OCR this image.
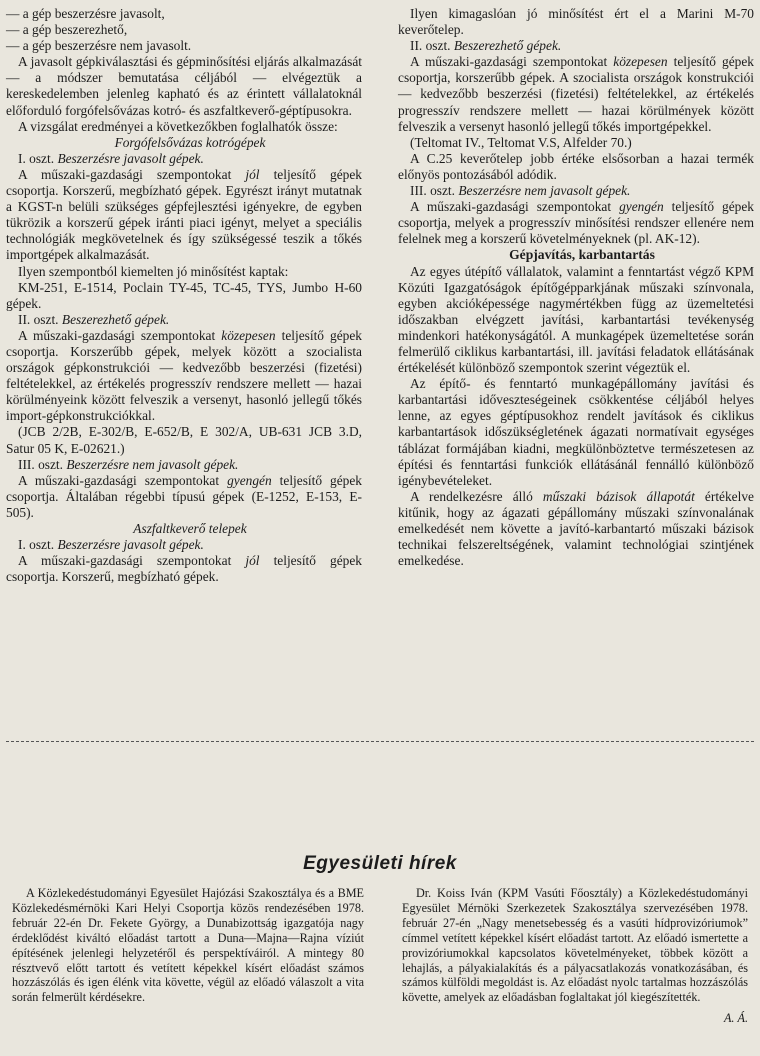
— a gép beszerzésre javasolt,

— a gép beszerezhető,

— a gép beszerzésre nem javasolt.

A javasolt gépkiválasztási és gépminősítési eljárás alkalmazását — a módszer bemutatása céljából — elvégeztük a kereskedelemben jelenleg kapható és az érintett vállalatoknál előforduló forgófelsővázas kotró- és aszfaltkeverő-géptípusokra.

A vizsgálat eredményei a következőkben foglalhatók össze:

Forgófelsővázas kotrógépek

I. oszt. Beszerzésre javasolt gépek.

A műszaki-gazdasági szempontokat jól teljesítő gépek csoportja. Korszerű, megbízható gépek. Egyrészt irányt mutatnak a KGST-n belüli szükséges gépfejlesztési igényekre, de egyben tükrözik a korszerű gépek iránti piaci igényt, melyet a speciális technológiák megkövetelnek és így szükségessé teszik a tőkés importgépek alkalmazását.

Ilyen szempontból kiemelten jó minősítést kaptak:

KM-251, E-1514, Poclain TY-45, TC-45, TYS, Jumbo H-60 gépek.

II. oszt. Beszerezhető gépek.

A műszaki-gazdasági szempontokat közepesen teljesítő gépek csoportja. Korszerűbb gépek, melyek között a szocialista országok gépkonstrukciói — kedvezőbb beszerzési (fizetési) feltételekkel, az értékelés progresszív rendszere mellett — hazai körülményeink között felveszik a versenyt, hasonló jellegű tőkés import-gépkonstrukciókkal.

(JCB 2/2B, E-302/B, E-652/B, E 302/A, UB-631 JCB 3.D, Satur 05 K, E-02621.)

III. oszt. Beszerzésre nem javasolt gépek.

A műszaki-gazdasági szempontokat gyengén teljesítő gépek csoportja. Általában régebbi típusú gépek (E-1252, E-153, E-505).

Aszfaltkeverő telepek

I. oszt. Beszerzésre javasolt gépek.

A műszaki-gazdasági szempontokat jól teljesítő gépek csoportja. Korszerű, megbízható gépek.

Ilyen kimagaslóan jó minősítést ért el a Marini M-70 keverőtelep.

II. oszt. Beszerezhető gépek.

A műszaki-gazdasági szempontokat közepesen teljesítő gépek csoportja, korszerűbb gépek. A szocialista országok konstrukciói — kedvezőbb beszerzési (fizetési) feltételekkel, az értékelés progresszív rendszere mellett — hazai körülmények között felveszik a versenyt hasonló jellegű tőkés importgépekkel.

(Teltomat IV., Teltomat V.S, Alfelder 70.)

A C.25 keverőtelep jobb értéke elsősorban a hazai termék előnyös pontozásából adódik.

III. oszt. Beszerzésre nem javasolt gépek.

A műszaki-gazdasági szempontokat gyengén teljesítő gépek csoportja, melyek a progresszív minősítési rendszer ellenére nem felelnek meg a korszerű követelményeknek (pl. AK-12).

Gépjavítás, karbantartás

Az egyes útépítő vállalatok, valamint a fenntartást végző KPM Közúti Igazgatóságok építőgépparkjának műszaki színvonala, egyben akcióképessége nagymértékben függ az üzemeltetési időszakban elvégzett javítási, karbantartási tevékenység mindenkori hatékonyságától. A munkagépek üzemeltetése során felmerülő ciklikus karbantartási, ill. javítási feladatok ellátásának értékelését különböző szempontok szerint végeztük el.

Az építő- és fenntartó munkagépállomány javítási és karbantartási időveszteségeinek csökkentése céljából helyes lenne, az egyes géptípusokhoz rendelt javítások és ciklikus karbantartások időszükségletének ágazati normatívait egységes táblázat formájában kiadni, megkülönböztetve természetesen az építési és fenntartási funkciók ellátásánál fennálló különböző igénybevételeket.

A rendelkezésre álló műszaki bázisok állapotát értékelve kitűnik, hogy az ágazati gépállomány műszaki színvonalának emelkedését nem követte a javító-karbantartó műszaki bázisok technikai felszereltségének, valamint technológiai szintjének emelkedése.

Egyesületi hírek

A Közlekedéstudományi Egyesület Hajózási Szakosztálya és a BME Közlekedésmérnöki Kari Helyi Csoportja közös rendezésében 1978. február 22-én Dr. Fekete György, a Dunabizottság igazgatója nagy érdeklődést kiváltó előadást tartott a Duna—Majna—Rajna víziút építésének jelenlegi helyzetéről és perspektíváiról. A mintegy 80 résztvevő előtt tartott és vetített képekkel kísért előadást számos hozzászólás és igen élénk vita követte, végül az előadó válaszolt a vita során felmerült kérdésekre.

Dr. Koiss Iván (KPM Vasúti Főosztály) a Közlekedéstudományi Egyesület Mérnöki Szerkezetek Szakosztálya szervezésében 1978. február 27-én „Nagy menetsebesség és a vasúti hídprovizóriumok” címmel vetített képekkel kísért előadást tartott. Az előadó ismertette a provizóriumokkal kapcsolatos követelményeket, többek között a lehajlás, a pályakialakítás és a pályacsatlakozás vonatkozásában, és számos külföldi megoldást is. Az előadást nyolc tartalmas hozzászólás követte, amelyek az előadásban foglaltakat jól kiegészítették.

A. Á.
